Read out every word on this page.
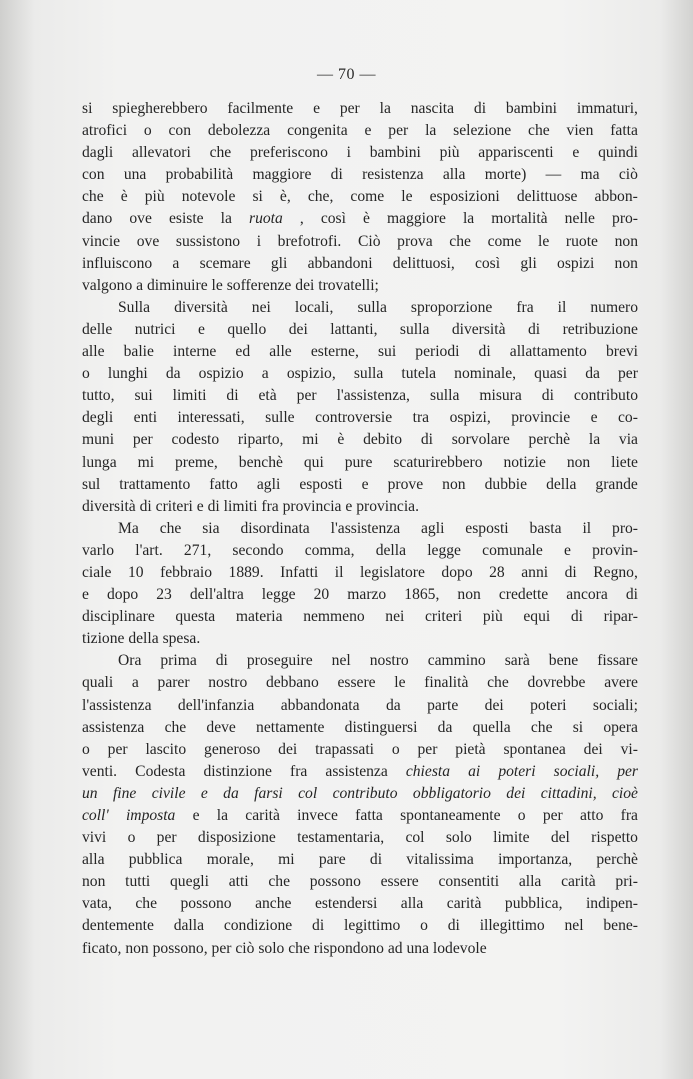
— 70 —
si spiegherebbero facilmente e per la nascita di bambini immaturi,
atrofici o con debolezza congenita e per la selezione che vien fatta
dagli allevatori che preferiscono i bambini più appariscenti e quindi
con una probabilità maggiore di resistenza alla morte) — ma ciò
che è più notevole si è, che, come le esposizioni delittuose abbon-
dano ove esiste la ruota , così è maggiore la mortalità nelle pro-
vincie ove sussistono i brefotrofi. Ciò prova che come le ruote non
influiscono a scemare gli abbandoni delittuosi, così gli ospizi non
valgono a diminuire le sofferenze dei trovatelli;
Sulla diversità nei locali, sulla sproporzione fra il numero
delle nutrici e quello dei lattanti, sulla diversità di retribuzione
alle balie interne ed alle esterne, sui periodi di allattamento brevi
o lunghi da ospizio a ospizio, sulla tutela nominale, quasi da per
tutto, sui limiti di età per l'assistenza, sulla misura di contributo
degli enti interessati, sulle controversie tra ospizi, provincie e co-
muni per codesto riparto, mi è debito di sorvolare perchè la via
lunga mi preme, benchè qui pure scaturirebbero notizie non liete
sul trattamento fatto agli esposti e prove non dubbie della grande
diversità di criteri e di limiti fra provincia e provincia.
Ma che sia disordinata l'assistenza agli esposti basta il pro-
varlo l'art. 271, secondo comma, della legge comunale e provin-
ciale 10 febbraio 1889. Infatti il legislatore dopo 28 anni di Regno,
e dopo 23 dell'altra legge 20 marzo 1865, non credette ancora di
disciplinare questa materia nemmeno nei criteri più equi di ripar-
tizione della spesa.
Ora prima di proseguire nel nostro cammino sarà bene fissare
quali a parer nostro debbano essere le finalità che dovrebbe avere
l'assistenza dell'infanzia abbandonata da parte dei poteri sociali;
assistenza che deve nettamente distinguersi da quella che si opera
o per lascito generoso dei trapassati o per pietà spontanea dei vi-
venti. Codesta distinzione fra assistenza chiesta ai poteri sociali, per
un fine civile e da farsi col contributo obbligatorio dei cittadini, cioè
coll' imposta e la carità invece fatta spontaneamente o per atto fra
vivi o per disposizione testamentaria, col solo limite del rispetto
alla pubblica morale, mi pare di vitalissima importanza, perchè
non tutti quegli atti che possono essere consentiti alla carità pri-
vata, che possono anche estendersi alla carità pubblica, indipen-
dentemente dalla condizione di legittimo o di illegittimo nel bene-
ficato, non possono, per ciò solo che rispondono ad una lodevole
